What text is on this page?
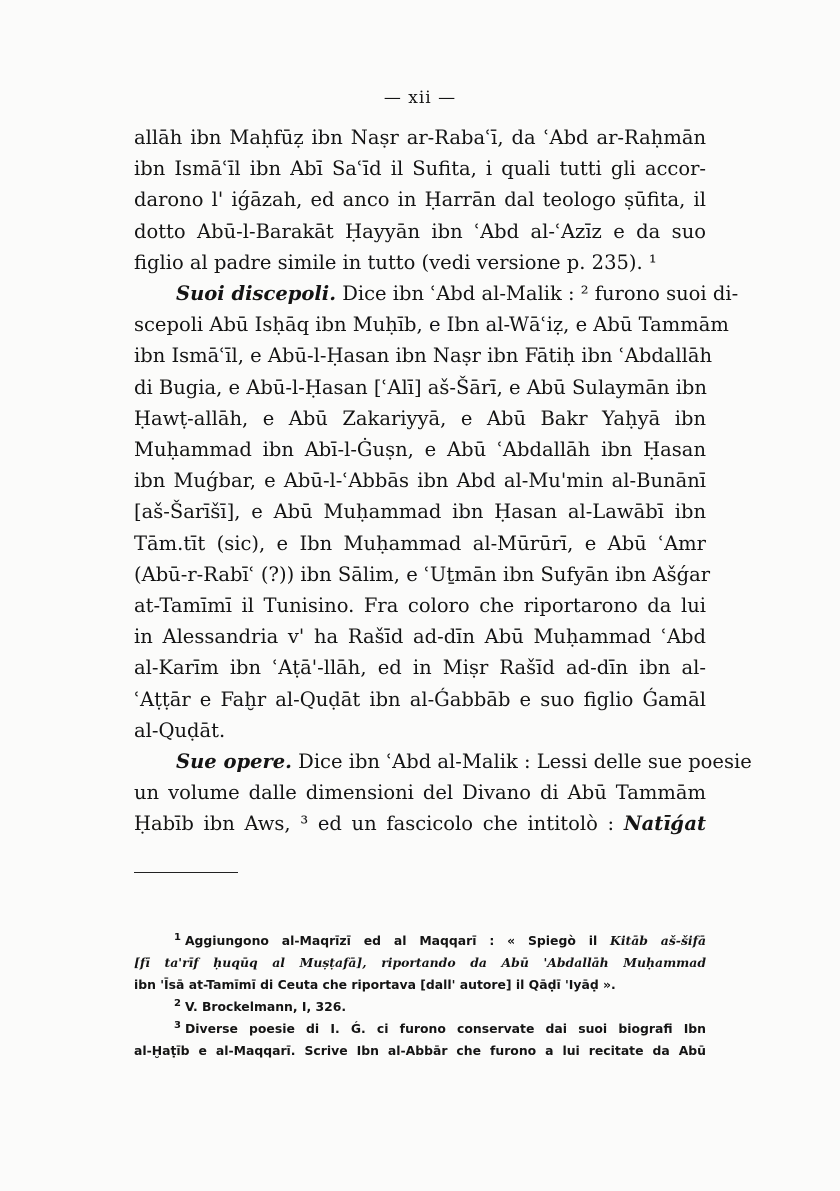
— xii —
allāh ibn Maḥfūẓ ibn Naṣr ar-Rabaʿī, da ʿAbd ar-Raḥmān
ibn Ismāʿīl ibn Abī Saʿīd il Sufita, i quali tutti gli accor-
darono l' iǵāzah, ed anco in Ḥarrān dal teologo ṣūfita, il
dotto Abū-l-Barakāt Ḥayyān ibn ʿAbd al-ʿAzīz e da suo
figlio al padre simile in tutto (vedi versione p. 235). ¹
Suoi discepoli. Dice ibn ʿAbd al-Malik : ² furono suoi di-
scepoli Abū Isḥāq ibn Muḥīb, e Ibn al-Wāʿiẓ, e Abū Tammām
ibn Ismāʿīl, e Abū-l-Ḥasan ibn Naṣr ibn Fātiḥ ibn ʿAbdallāh
di Bugia, e Abū-l-Ḥasan [ʿAlī] aš-Šārī, e Abū Sulaymān ibn
Ḥawṭ-allāh, e Abū Zakariyyā, e Abū Bakr Yaḥyā ibn
Muḥammad ibn Abī-l-Ġuṣn, e Abū ʿAbdallāh ibn Ḥasan
ibn Muǵbar, e Abū-l-ʿAbbās ibn Abd al-Mu'min al-Bunānī
[aš-Šarīšī], e Abū Muḥammad ibn Ḥasan al-Lawābī ibn
Tām.tīt (sic), e Ibn Muḥammad al-Mūrūrī, e Abū ʿAmr
(Abū-r-Rabīʿ (?)) ibn Sālim, e ʿUṯmān ibn Sufyān ibn Ašǵar
at-Tamīmī il Tunisino. Fra coloro che riportarono da lui
in Alessandria v' ha Rašīd ad-dīn Abū Muḥammad ʿAbd
al-Karīm ibn ʿAṭā'-llāh, ed in Miṣr Rašīd ad-dīn ibn al-
ʿAṭṭār e Faḫr al-Quḍāt ibn al-Ǵabbāb e suo figlio Ǵamāl
al-Quḍāt.
Sue opere. Dice ibn ʿAbd al-Malik : Lessi delle sue poesie
un volume dalle dimensioni del Divano di Abū Tammām
Ḥabīb ibn Aws, ³ ed un fascicolo che intitolò : Natīǵat
$^1$ Aggiungono al-Maqrīzī ed al Maqqarī : « Spiegò il Kitāb aš-šifā
[fī ta'rīf ḥuqūq al Muṣṭafā], riportando da Abū 'Abdallāh Muḥammad
ibn 'Īsā at-Tamīmī di Ceuta che riportava [dall' autore] il Qāḍī 'Iyāḍ ».
$^2$ V. Brockelmann, I, 326.
$^3$ Diverse poesie di I. Ǵ. ci furono conservate dai suoi biografi Ibn
al-Ḫaṭīb e al-Maqqarī. Scrive Ibn al-Abbār che furono a lui recitate da Abū
